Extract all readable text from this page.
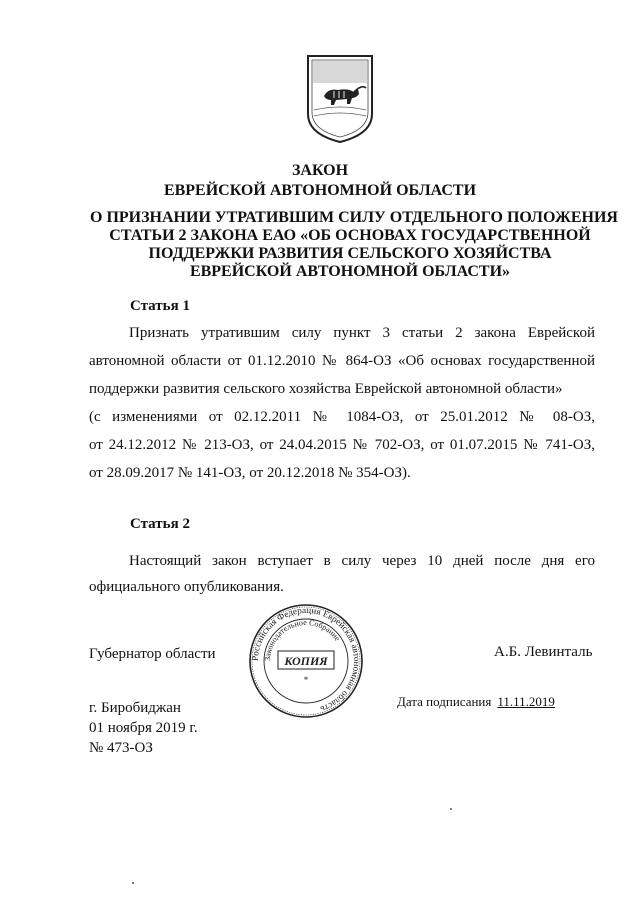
ЗАКОН
ЕВРЕЙСКОЙ АВТОНОМНОЙ ОБЛАСТИ
О ПРИЗНАНИИ УТРАТИВШИМ СИЛУ ОТДЕЛЬНОГО ПОЛОЖЕНИЯ
СТАТЬИ 2 ЗАКОНА ЕАО «ОБ ОСНОВАХ ГОСУДАРСТВЕННОЙ
ПОДДЕРЖКИ РАЗВИТИЯ СЕЛЬСКОГО ХОЗЯЙСТВА
ЕВРЕЙСКОЙ АВТОНОМНОЙ ОБЛАСТИ»
Статья 1
Признать утратившим силу пункт 3 статьи 2 закона Еврейской
автономной области от 01.12.2010 № 864-ОЗ «Об основах государственной
поддержки развития сельского хозяйства Еврейской автономной области»
(с изменениями от 02.12.2011 № 1084-ОЗ, от 25.01.2012 № 08-ОЗ,
от 24.12.2012 № 213-ОЗ, от 24.04.2015 № 702-ОЗ, от 01.07.2015 № 741-ОЗ,
от 28.09.2017 № 141-ОЗ, от 20.12.2018 № 354-ОЗ).
Статья 2
Настоящий закон вступает в силу через 10 дней после дня его
официального опубликования.
Российская Федерация Еврейская автономная область
Законодательное Собрание
КОПИЯ
*
Губернатор области	А.Б. Левинталь
г. Биробиджан
01 ноября 2019 г.
№ 473-ОЗ
Дата подписания 11.11.2019
